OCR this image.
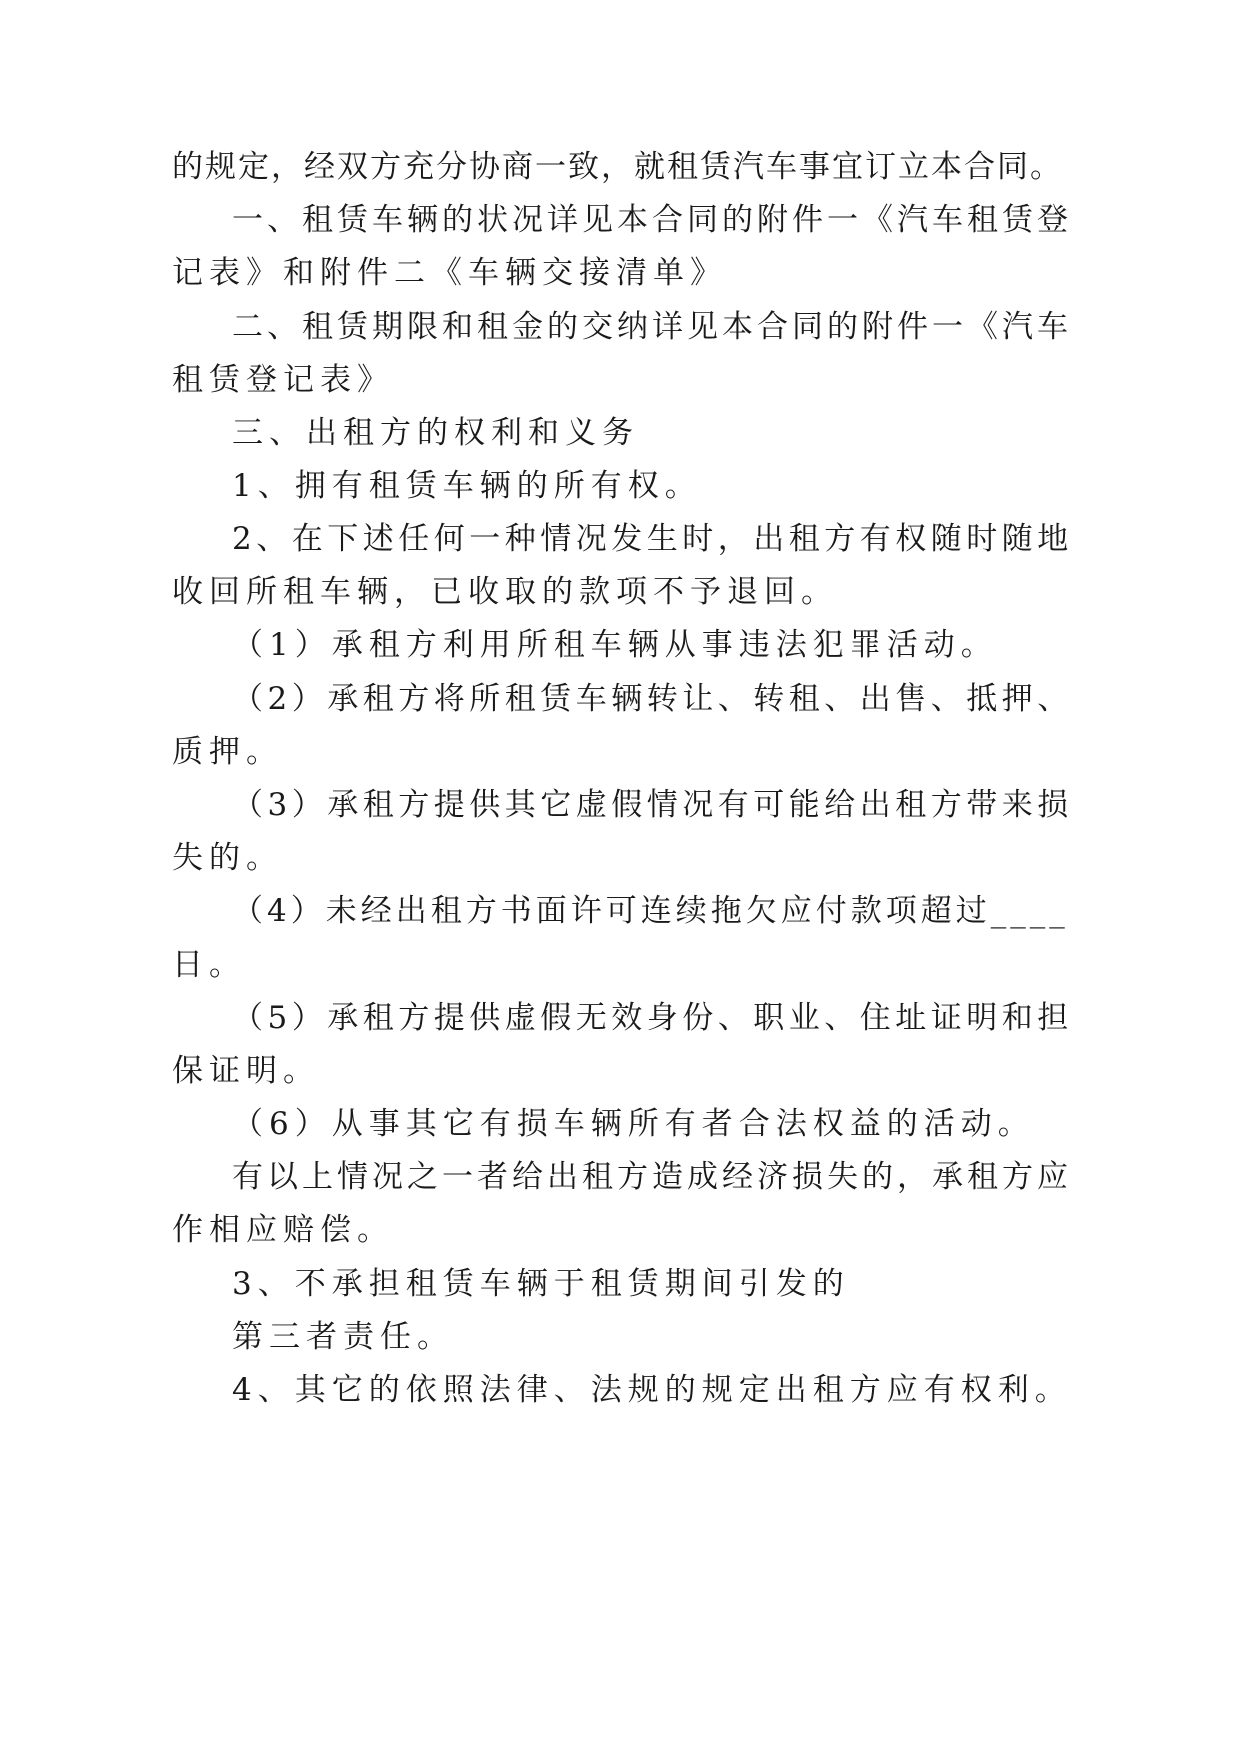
的规定，经双方充分协商一致，就租赁汽车事宜订立本合同。
一、租赁车辆的状况详见本合同的附件一《汽车租赁登
记表》和附件二《车辆交接清单》
二、租赁期限和租金的交纳详见本合同的附件一《汽车
租赁登记表》
三、出租方的权利和义务
1、拥有租赁车辆的所有权。
2、在下述任何一种情况发生时，出租方有权随时随地
收回所租车辆，已收取的款项不予退回。
（1）承租方利用所租车辆从事违法犯罪活动。
（2）承租方将所租赁车辆转让、转租、出售、抵押、
质押。
（3）承租方提供其它虚假情况有可能给出租方带来损
失的。
（4）未经出租方书面许可连续拖欠应付款项超过____
日。
（5）承租方提供虚假无效身份、职业、住址证明和担
保证明。
（6）从事其它有损车辆所有者合法权益的活动。
有以上情况之一者给出租方造成经济损失的，承租方应
作相应赔偿。
3、不承担租赁车辆于租赁期间引发的
第三者责任。
4、其它的依照法律、法规的规定出租方应有权利。
